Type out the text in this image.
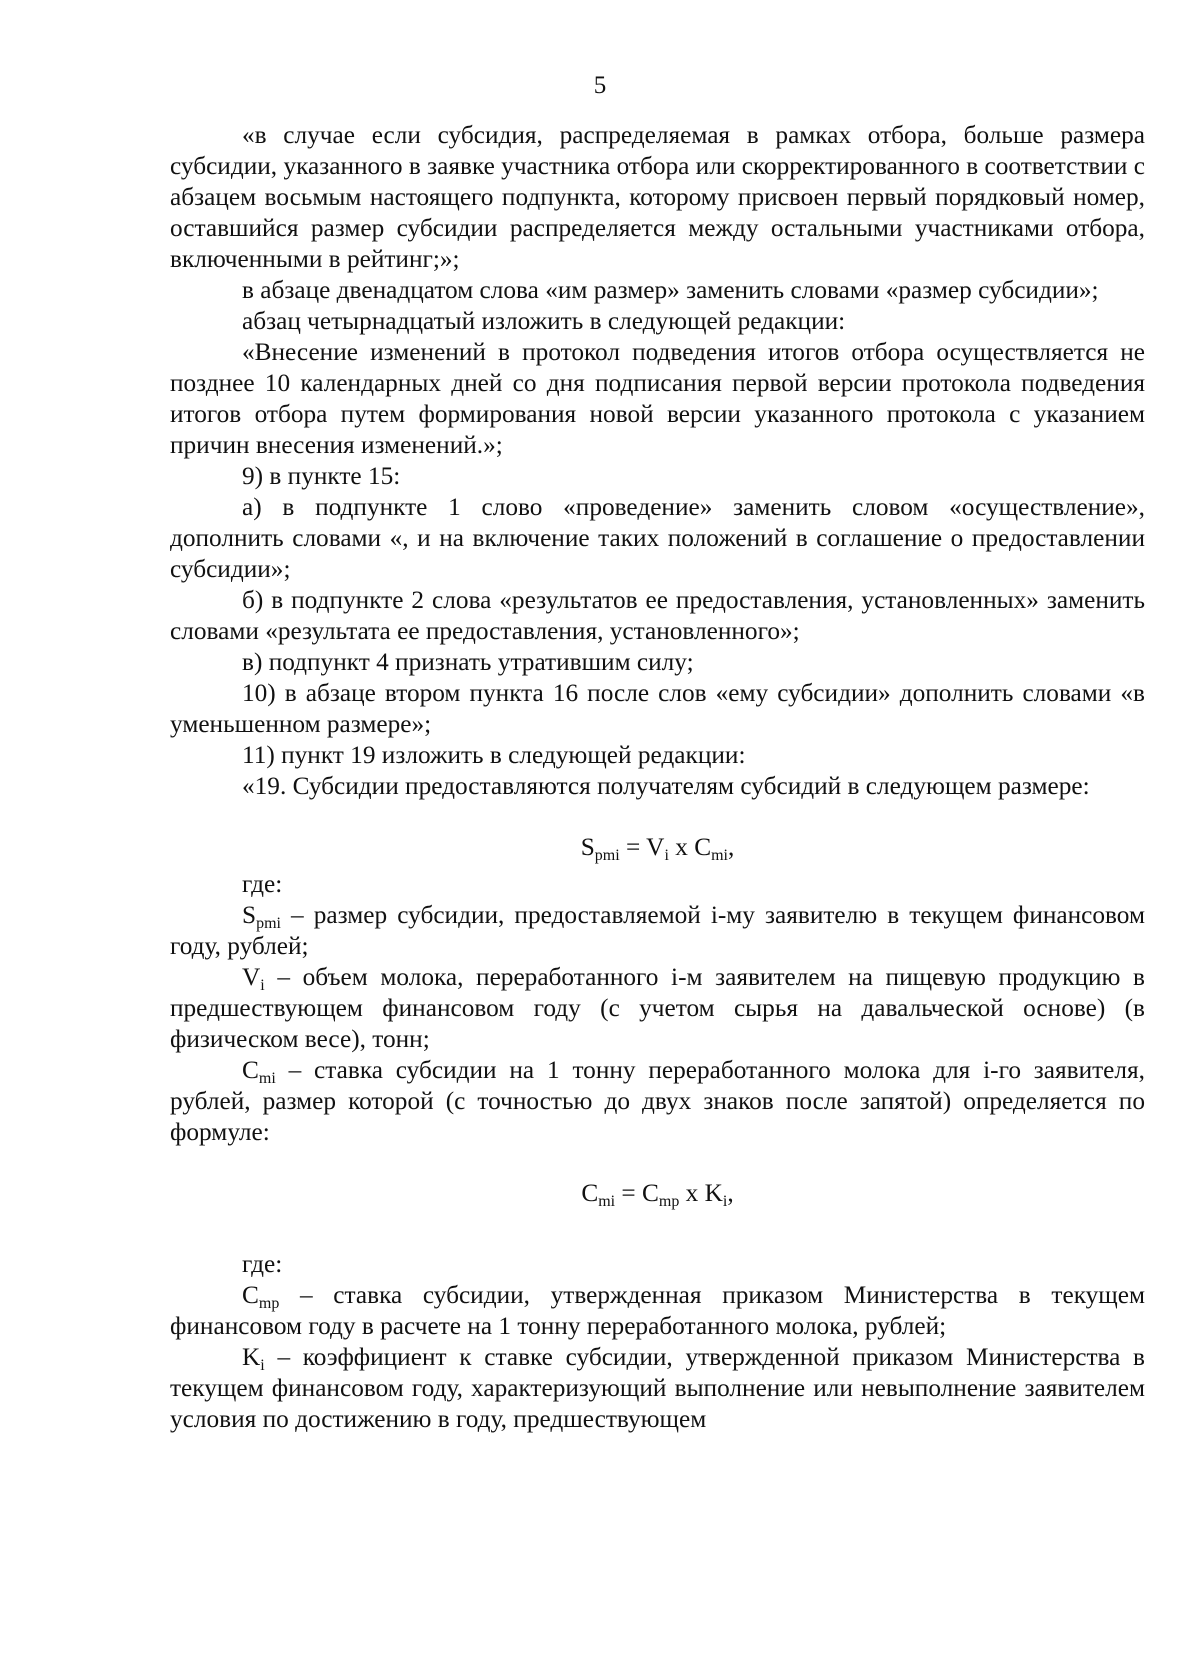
5

«в случае если субсидия, распределяемая в рамках отбора, больше размера субсидии, указанного в заявке участника отбора или скорректированного в соответствии с абзацем восьмым настоящего подпункта, которому присвоен первый порядковый номер, оставшийся размер субсидии распределяется между остальными участниками отбора, включенными в рейтинг;»;

в абзаце двенадцатом слова «им размер» заменить словами «размер субсидии»;

абзац четырнадцатый изложить в следующей редакции:

«Внесение изменений в протокол подведения итогов отбора осуществляется не позднее 10 календарных дней со дня подписания первой версии протокола подведения итогов отбора путем формирования новой версии указанного протокола с указанием причин внесения изменений.»;

9) в пункте 15:

а) в подпункте 1 слово «проведение» заменить словом «осуществление», дополнить словами «, и на включение таких положений в соглашение о предоставлении субсидии»;

б) в подпункте 2 слова «результатов ее предоставления, установленных» заменить словами «результата ее предоставления, установленного»;

в) подпункт 4 признать утратившим силу;

10) в абзаце втором пункта 16 после слов «ему субсидии» дополнить словами «в уменьшенном размере»;

11) пункт 19 изложить в следующей редакции:

«19. Субсидии предоставляются получателям субсидий в следующем размере:

$S_{pmi} = V_i$ x $C_{mi}$,

где:

$S_{pmi}$ – размер субсидии, предоставляемой i-му заявителю в текущем финансовом году, рублей;

$V_i$ – объем молока, переработанного i-м заявителем на пищевую продукцию в предшествующем финансовом году (с учетом сырья на давальческой основе) (в физическом весе), тонн;

$C_{mi}$ – ставка субсидии на 1 тонну переработанного молока для i-го заявителя, рублей, размер которой (с точностью до двух знаков после запятой) определяется по формуле:

$C_{mi} = C_{mp}$ x $K_i$,

где:

$C_{mp}$ – ставка субсидии, утвержденная приказом Министерства в текущем финансовом году в расчете на 1 тонну переработанного молока, рублей;

$K_i$ – коэффициент к ставке субсидии, утвержденной приказом Министерства в текущем финансовом году, характеризующий выполнение или невыполнение заявителем условия по достижению в году, предшествующем
